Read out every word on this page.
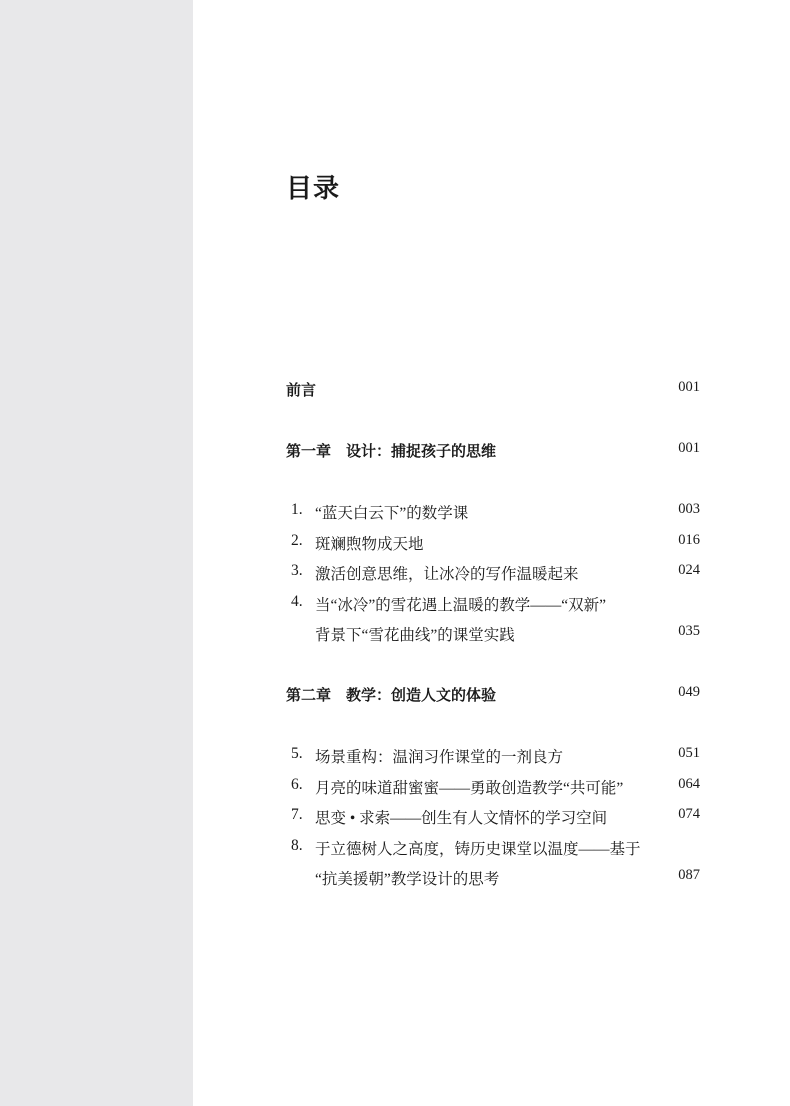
目录
前言	001
第一章　设计：捕捉孩子的思维	001
1. “蓝天白云下”的数学课	003
2. 斑斓煦物成天地	016
3. 激活创意思维，让冰冷的写作温暖起来	024
4. 当“冰冷”的雪花遇上温暖的教学——“双新”
背景下“雪花曲线”的课堂实践	035
第二章　教学：创造人文的体验	049
5. 场景重构：温润习作课堂的一剂良方	051
6. 月亮的味道甜蜜蜜——勇敢创造教学“共可能”	064
7. 思变 • 求索——创生有人文情怀的学习空间	074
8. 于立德树人之高度，铸历史课堂以温度——基于
“抗美援朝”教学设计的思考	087
